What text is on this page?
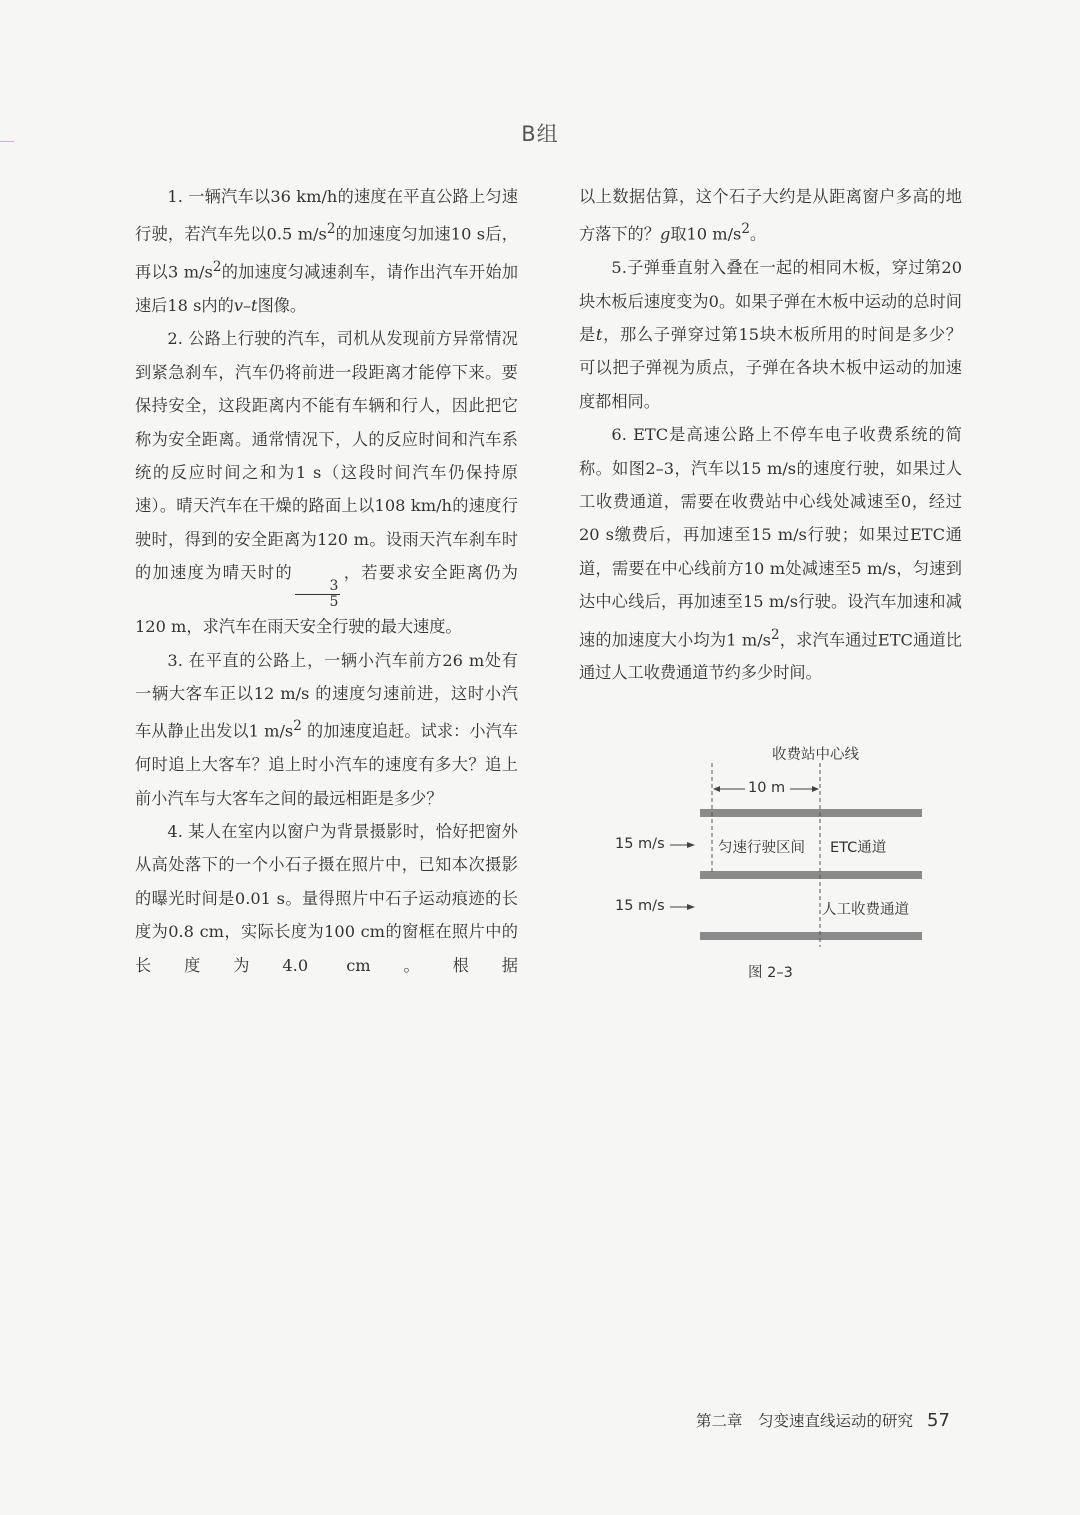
B组

1. 一辆汽车以36 km/h的速度在平直公路上匀速行驶，若汽车先以0.5 $m/s^2$的加速度匀加速10 s后，再以3 $m/s^2$的加速度匀减速刹车，请作出汽车开始加速后18 s内的v–t图像。

2. 公路上行驶的汽车，司机从发现前方异常情况到紧急刹车，汽车仍将前进一段距离才能停下来。要保持安全，这段距离内不能有车辆和行人，因此把它称为安全距离。通常情况下，人的反应时间和汽车系统的反应时间之和为1 s（这段时间汽车仍保持原速）。晴天汽车在干燥的路面上以108 km/h的速度行驶时，得到的安全距离为120 m。设雨天汽车刹车时的加速度为晴天时的
$\frac{3}{5}$
，若要求安全距离仍为120 m，求汽车在雨天安全行驶的最大速度。

3. 在平直的公路上，一辆小汽车前方26 m处有一辆大客车正以12 m/s 的速度匀速前进，这时小汽车从静止出发以1 $m/s^2$ 的加速度追赶。试求：小汽车何时追上大客车？追上时小汽车的速度有多大？追上前小汽车与大客车之间的最远相距是多少？

4. 某人在室内以窗户为背景摄影时，恰好把窗外从高处落下的一个小石子摄在照片中，已知本次摄影的曝光时间是0.01 s。量得照片中石子运动痕迹的长度为0.8 cm，实际长度为100 cm的窗框在照片中的长度为4.0 cm。根据

以上数据估算，这个石子大约是从距离窗户多高的地方落下的？g取10 $m/s^2$。

5.子弹垂直射入叠在一起的相同木板，穿过第20块木板后速度变为0。如果子弹在木板中运动的总时间是t，那么子弹穿过第15块木板所用的时间是多少？可以把子弹视为质点，子弹在各块木板中运动的加速度都相同。

6. ETC是高速公路上不停车电子收费系统的简称。如图2–3，汽车以15 m/s的速度行驶，如果过人工收费通道，需要在收费站中心线处减速至0，经过20 s缴费后，再加速至15 m/s行驶；如果过ETC通道，需要在中心线前方10 m处减速至5 m/s，匀速到达中心线后，再加速至15 m/s行驶。设汽车加速和减速的加速度大小均为1 $m/s^2$，求汽车通过ETC通道比通过人工收费通道节约多少时间。

收费站中心线
10 m
15 m/s	匀速行驶区间 ETC通道
15 m/s	人工收费通道
图 2–3
第二章　匀变速直线运动的研究 57
